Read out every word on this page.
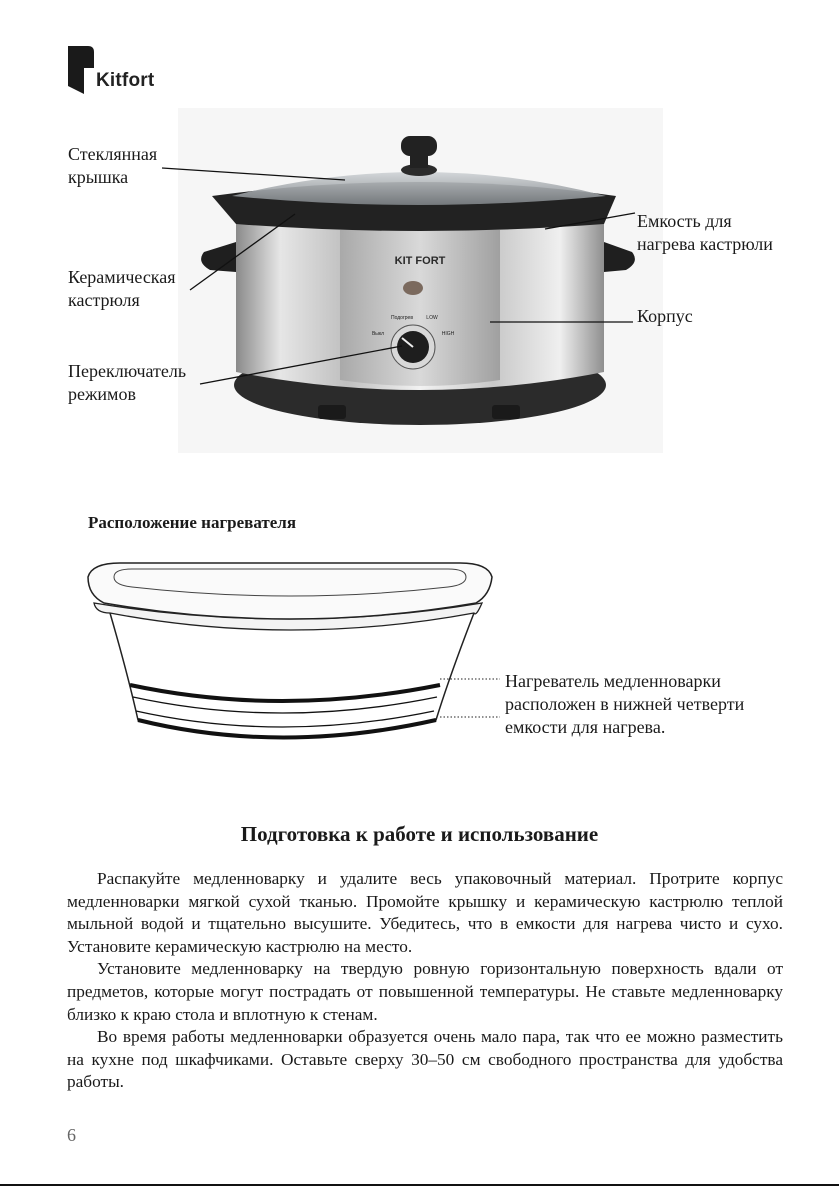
Kitfort
KIT FORT
Подогрев	LOW
Выкл	HIGH
Стеклянная
крышка
Керамическая
кастрюля
Переключатель
режимов
Емкость для
нагрева кастрюли
Корпус
Расположение нагревателя
Нагреватель медленноварки
расположен в нижней четверти
емкости для нагрева.
Подготовка к работе и использование

Распакуйте медленноварку и удалите весь упаковочный материал. Протрите корпус медленноварки мягкой сухой тканью. Промойте крышку и керамическую кастрюлю теплой мыльной водой и тщательно высушите. Убедитесь, что в емкости для нагрева чисто и сухо. Установите керамическую кастрюлю на место.

Установите медленноварку на твердую ровную горизонтальную поверхность вдали от предметов, которые могут пострадать от повышенной температуры. Не ставьте медленноварку близко к краю стола и вплотную к стенам.

Во время работы медленноварки образуется очень мало пара, так что ее можно разместить на кухне под шкафчиками. Оставьте сверху 30–50 см свободного пространства для удобства работы.

6
